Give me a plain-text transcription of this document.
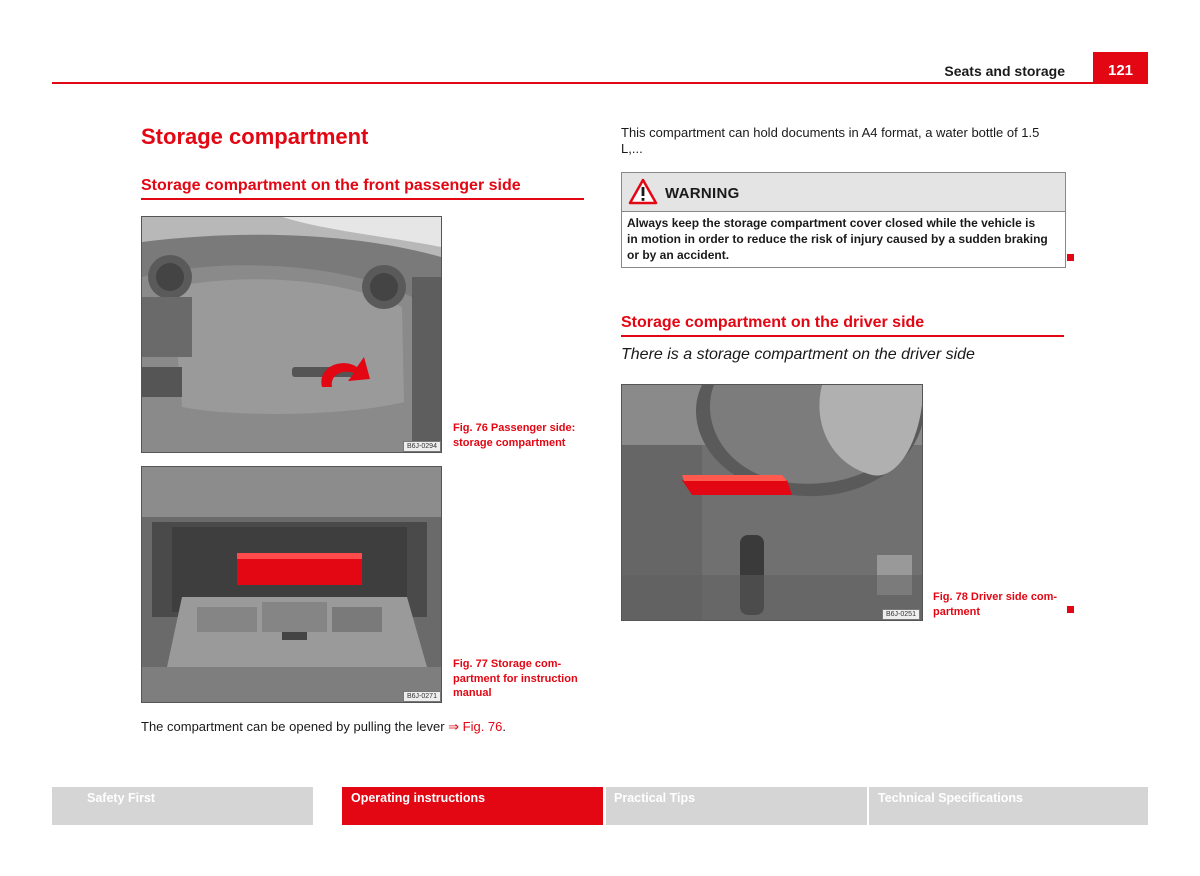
Seats and storage	121
Storage compartment
Storage compartment on the front passenger side
B6J-0294
Fig. 76 Passenger side:
storage compartment
B6J-0271
Fig. 77 Storage com-
partment for instruction
manual
The compartment can be opened by pulling the lever ⇒ Fig. 76.
This compartment can hold documents in A4 format, a water bottle of 1.5
L,...
WARNING
Always keep the storage compartment cover closed while the vehicle is
in motion in order to reduce the risk of injury caused by a sudden braking
or by an accident.
Storage compartment on the driver side
There is a storage compartment on the driver side
B6J-0251
Fig. 78 Driver side com-
partment
Safety First	Operating instructions	Practical Tips	Technical Specifications
